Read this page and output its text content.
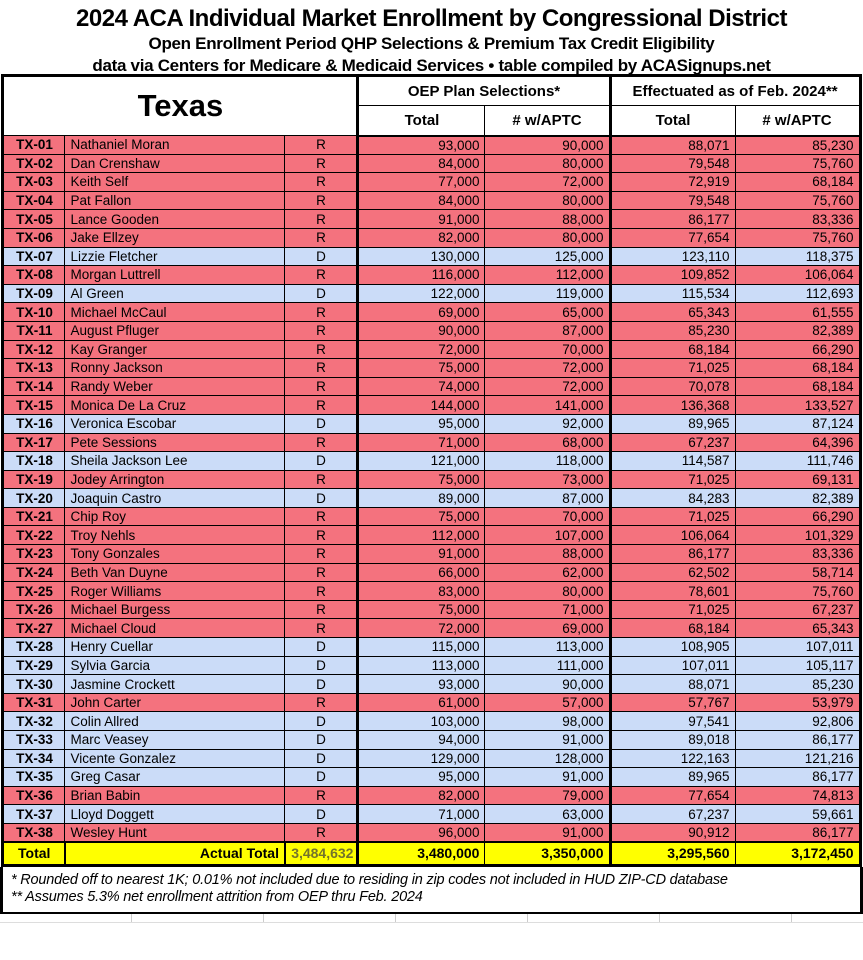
2024 ACA Individual Market Enrollment by Congressional District
Open Enrollment Period QHP Selections & Premium Tax Credit Eligibility
data via Centers for Medicare & Medicaid Services • table compiled by ACASignups.net
Texas			OEP Plan Selections*		Effectuated as of Feb. 2024**	
			Total	# w/APTC	Total	# w/APTC
TX-01	Nathaniel Moran	R	93,000	90,000	88,071	85,230
TX-02	Dan Crenshaw	R	84,000	80,000	79,548	75,760
TX-03	Keith Self	R	77,000	72,000	72,919	68,184
TX-04	Pat Fallon	R	84,000	80,000	79,548	75,760
TX-05	Lance Gooden	R	91,000	88,000	86,177	83,336
TX-06	Jake Ellzey	R	82,000	80,000	77,654	75,760
TX-07	Lizzie Fletcher	D	130,000	125,000	123,110	118,375
TX-08	Morgan Luttrell	R	116,000	112,000	109,852	106,064
TX-09	Al Green	D	122,000	119,000	115,534	112,693
TX-10	Michael McCaul	R	69,000	65,000	65,343	61,555
TX-11	August Pfluger	R	90,000	87,000	85,230	82,389
TX-12	Kay Granger	R	72,000	70,000	68,184	66,290
TX-13	Ronny Jackson	R	75,000	72,000	71,025	68,184
TX-14	Randy Weber	R	74,000	72,000	70,078	68,184
TX-15	Monica De La Cruz	R	144,000	141,000	136,368	133,527
TX-16	Veronica Escobar	D	95,000	92,000	89,965	87,124
TX-17	Pete Sessions	R	71,000	68,000	67,237	64,396
TX-18	Sheila Jackson Lee	D	121,000	118,000	114,587	111,746
TX-19	Jodey Arrington	R	75,000	73,000	71,025	69,131
TX-20	Joaquin Castro	D	89,000	87,000	84,283	82,389
TX-21	Chip Roy	R	75,000	70,000	71,025	66,290
TX-22	Troy Nehls	R	112,000	107,000	106,064	101,329
TX-23	Tony Gonzales	R	91,000	88,000	86,177	83,336
TX-24	Beth Van Duyne	R	66,000	62,000	62,502	58,714
TX-25	Roger Williams	R	83,000	80,000	78,601	75,760
TX-26	Michael Burgess	R	75,000	71,000	71,025	67,237
TX-27	Michael Cloud	R	72,000	69,000	68,184	65,343
TX-28	Henry Cuellar	D	115,000	113,000	108,905	107,011
TX-29	Sylvia Garcia	D	113,000	111,000	107,011	105,117
TX-30	Jasmine Crockett	D	93,000	90,000	88,071	85,230
TX-31	John Carter	R	61,000	57,000	57,767	53,979
TX-32	Colin Allred	D	103,000	98,000	97,541	92,806
TX-33	Marc Veasey	D	94,000	91,000	89,018	86,177
TX-34	Vicente Gonzalez	D	129,000	128,000	122,163	121,216
TX-35	Greg Casar	D	95,000	91,000	89,965	86,177
TX-36	Brian Babin	R	82,000	79,000	77,654	74,813
TX-37	Lloyd Doggett	D	71,000	63,000	67,237	59,661
TX-38	Wesley Hunt	R	96,000	91,000	90,912	86,177
Total	Actual Total	3,484,632	3,480,000	3,350,000	3,295,560	3,172,450
* Rounded off to nearest 1K; 0.01% not included due to residing in zip codes not included in HUD ZIP-CD database
** Assumes 5.3% net enrollment attrition from OEP thru Feb. 2024
